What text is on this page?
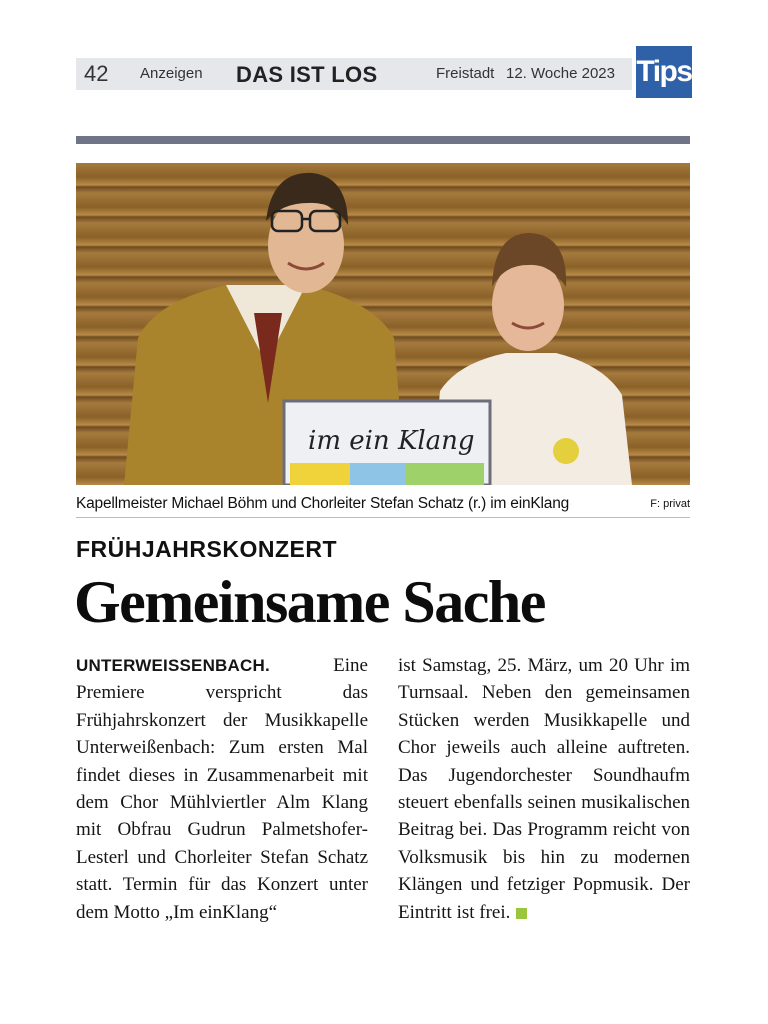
42 Anzeigen DAS IST LOS	Freistadt 12. Woche 2023 Tips
im ein Klang
Kapellmeister Michael Böhm und Chorleiter Stefan Schatz (r.) im einKlang	F: privat
FRÜHJAHRSKONZERT
Gemeinsame Sache
UNTERWEISSENBACH. Eine Premiere verspricht das Frühjahrskonzert der Musikkapelle Unterweißenbach: Zum ersten Mal findet dieses in Zusammenarbeit mit dem Chor Mühlviertler Alm Klang mit Obfrau Gudrun Palmetshofer-Lesterl und Chorleiter Stefan Schatz statt. Termin für das Konzert unter dem Motto „Im einKlang“
ist Samstag, 25. März, um 20 Uhr im Turnsaal. Neben den gemeinsamen Stücken werden Musikkapelle und Chor jeweils auch alleine auftreten. Das Jugendorchester Soundhaufm steuert ebenfalls seinen musikalischen Beitrag bei. Das Programm reicht von Volksmusik bis hin zu modernen Klängen und fetziger Popmusik. Der Eintritt ist frei.
